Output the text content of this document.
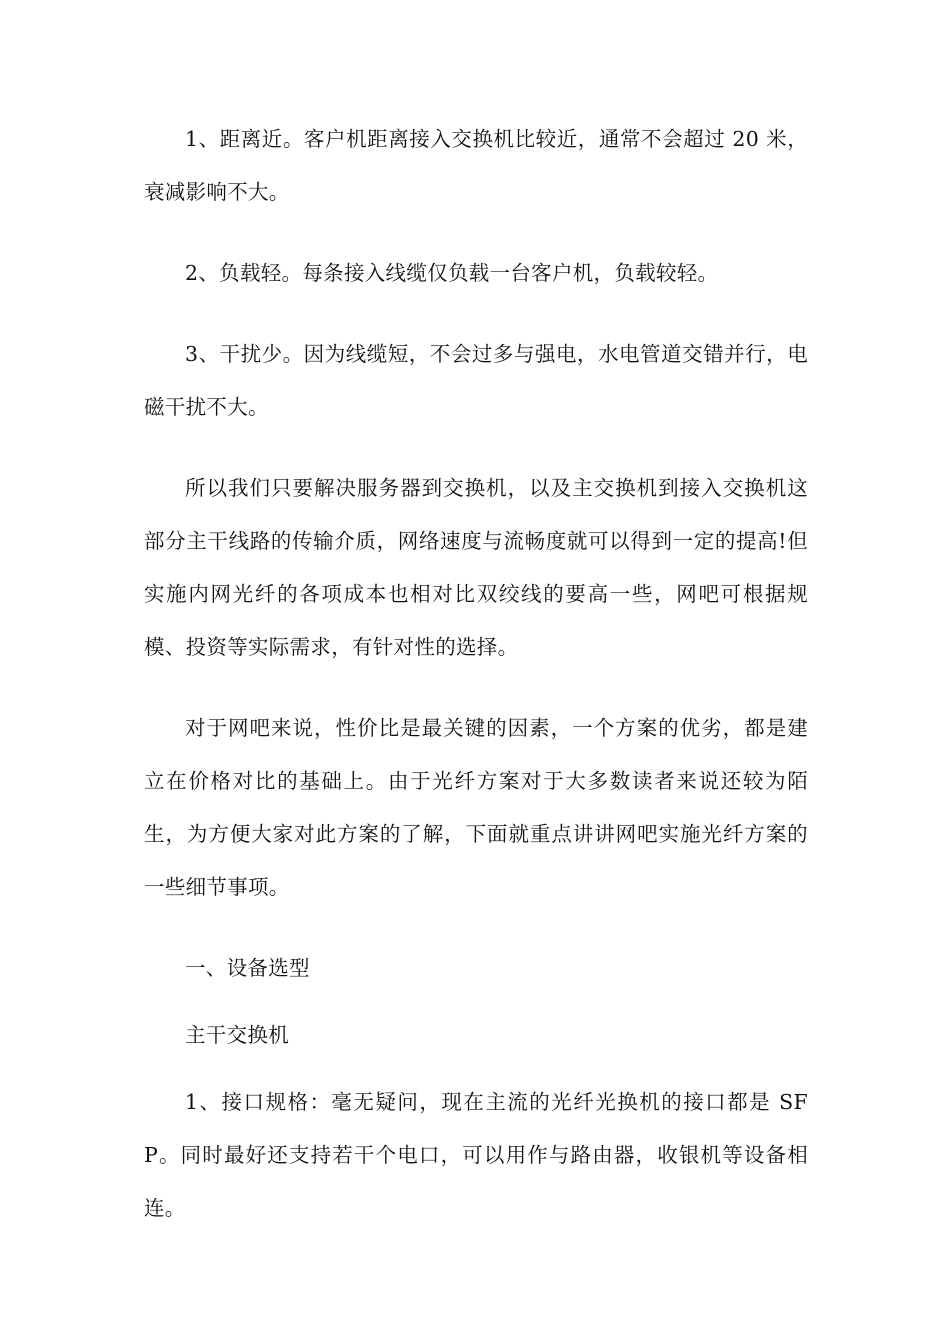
1、距离近。客户机距离接入交换机比较近，通常不会超过 20 米，衰减影响不大。

2、负载轻。每条接入线缆仅负载一台客户机，负载较轻。

3、干扰少。因为线缆短，不会过多与强电，水电管道交错并行，电磁干扰不大。

所以我们只要解决服务器到交换机，以及主交换机到接入交换机这部分主干线路的传输介质，网络速度与流畅度就可以得到一定的提高!但实施内网光纤的各项成本也相对比双绞线的要高一些，网吧可根据规模、投资等实际需求，有针对性的选择。

对于网吧来说，性价比是最关键的因素，一个方案的优劣，都是建立在价格对比的基础上。由于光纤方案对于大多数读者来说还较为陌生，为方便大家对此方案的了解，下面就重点讲讲网吧实施光纤方案的一些细节事项。

一、设备选型

主干交换机

1、接口规格：毫无疑问，现在主流的光纤光换机的接口都是 SFP。同时最好还支持若干个电口，可以用作与路由器，收银机等设备相连。
